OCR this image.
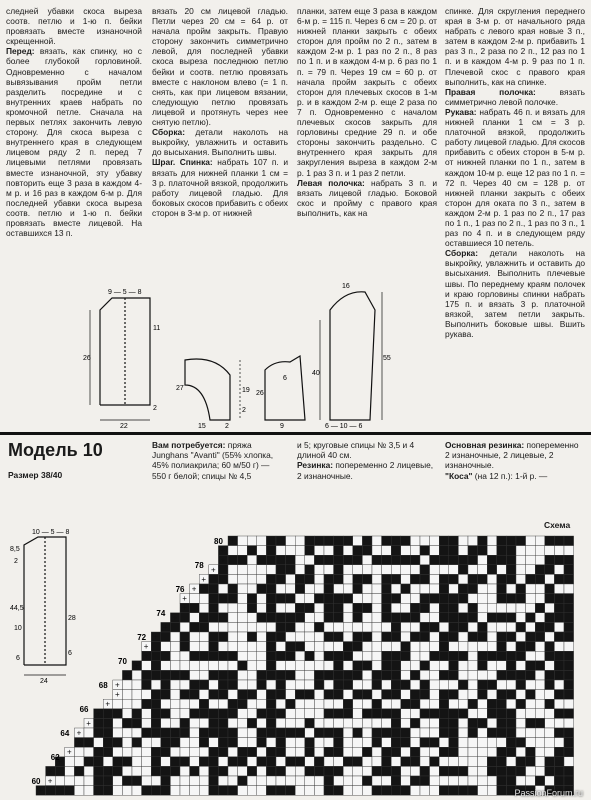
следней убавки скоса выреза соотв. петлю и 1-ю п. бейки провязать вместе изнаночной скрещенной.

Перед: вязать, как спинку, но с более глубокой горловиной. Одновременно с началом вывязывания пройм петли разделить посредине и с внутренних краев набрать по кромочной петле. Сначала на первых петлях закончить левую сторону. Для скоса выреза с внутреннего края в следующем лицевом ряду 2 п. перед 7 лицевыми петлями провязать вместе изнаночной, эту убавку повторить еще 3 раза в каждом 4-м р. и 16 раз в каждом 6-м р. Для последней убавки скоса выреза соотв. петлю и 1-ю п. бейки провязать вместе лицевой. На оставшихся 13 п.

вязать 20 см лицевой гладью. Петли через 20 см = 64 р. от начала пройм закрыть. Правую сторону закончить симметрично левой, для последней убавки скоса выреза последнюю петлю бейки и соотв. петлю провязать вместе с наклоном влево (= 1 п. снять, как при лицевом вязании, следующую петлю провязать лицевой и протянуть через нее снятую петлю).

Сборка: детали наколоть на выкройку, увлажнить и оставить до высыхания. Выполнить швы.

Шраг. Спинка: набрать 107 п. и вязать для нижней планки 1 см = 3 р. платочной вязкой, продолжить работу лицевой гладью. Для боковых скосов прибавить с обеих сторон в 3-м р. от нижней

планки, затем еще 3 раза в каждом 6-м р. = 115 п. Через 6 см = 20 р. от нижней планки закрыть с обеих сторон для пройм по 2 п., затем в каждом 2-м р. 1 раз по 2 п., 8 раз по 1 п. и в каждом 4-м р. 6 раз по 1 п. = 79 п. Через 19 см = 60 р. от начала пройм закрыть с обеих сторон для плечевых скосов в 1-м р. и в каждом 2-м р. еще 2 раза по 7 п. Одновременно с началом плечевых скосов закрыть для горловины средние 29 п. и обе стороны закончить раздельно. С внутреннего края закрыть для закругления выреза в каждом 2-м р. 1 раз 3 п. и 1 раз 2 петли.

Левая полочка: набрать 3 п. и вязать лицевой гладью. Боковой скос и пройму с правого края выполнить, как на

спинке. Для скругления переднего края в 3-м р. от начального ряда набрать с левого края новые 3 п., затем в каждом 2-м р. прибавить 1 раз 3 п., 2 раза по 2 п., 12 раз по 1 п. и в каждом 4-м р. 9 раз по 1 п. Плечевой скос с правого края выполнить, как на спинке.

Правая полочка: вязать симметрично левой полочке.

Рукава: набрать 46 п. и вязать для нижней планки 1 см = 3 р. платочной вязкой, продолжить работу лицевой гладью. Для скосов прибавить с обеих сторон в 5-м р. от нижней планки по 1 п., затем в каждом 10-м р. еще 12 раз по 1 п. = 72 п. Через 40 см = 128 р. от нижней планки закрыть с обеих сторон для оката по 3 п., затем в каждом 2-м р. 1 раз по 2 п., 17 раз по 1 п., 1 раз по 2 п., 1 раз по 3 п., 1 раз по 4 п. и в следующем ряду оставшиеся 10 петель.

Сборка: детали наколоть на выкройку, увлажнить и оставить до высыхания. Выполнить плечевые швы. По переднему краям полочек и краю горловины спинки набрать 175 п. и вязать 3 р. платочной вязкой, затем петли закрыть. Выполнить боковые швы. Вшить рукава.

9 — 5 — 8
26
11
2
22
27	19
2
15	2
26
6
9
16
55
40
6 — 10 — 6
Модель 10
Размер 38/40
Вам потребуется: пряжа Junghans "Avanti" (55% хлопка, 45% полиакрила; 60 м/50 г) — 550 г белой; спицы № 4,5
и 5; круговые спицы № 3,5 и 4 длиной 40 см.
Резинка: попеременно 2 лицевые, 2 изнаночные.
Основная резинка: попеременно 2 изнаночные, 2 лицевые, 2 изнаночные.
"Коса" (на 12 п.): 1-й р. —
10 — 5 — 8
8,5
2
44,5
10
6
28
6
24
Схема
+
+
+
+
+
+
+
+
+
+
+
+
+
+
+
+
+
+
+
+
+
+
+
+
+
+
+
80
78
76
74
72
70
68
66
64
62
60
PassionForum.ru
